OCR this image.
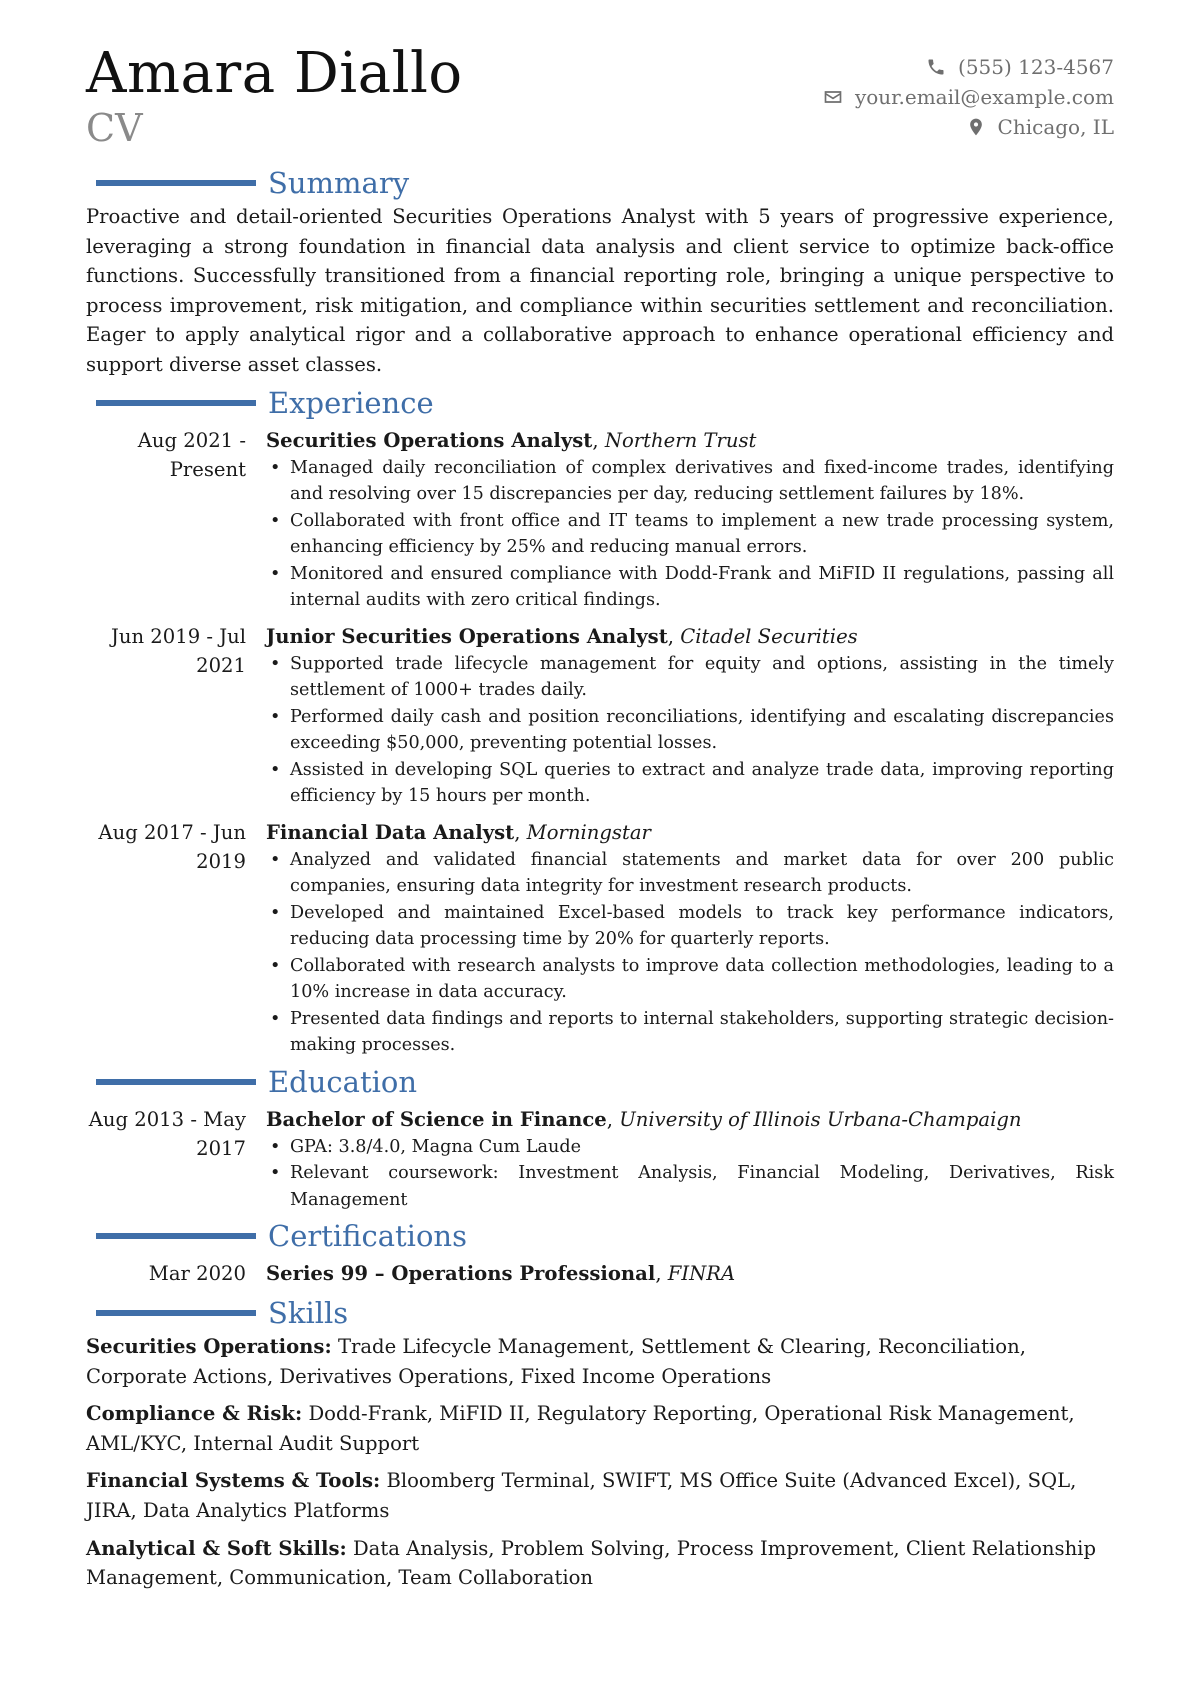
Amara Diallo
CV
(555) 123-4567
your.email@example.com
Chicago, IL
Summary

Proactive and detail-oriented Securities Operations Analyst with 5 years of progressive experience, leveraging a strong foundation in financial data analysis and client service to optimize back-office functions. Successfully transitioned from a financial reporting role, bringing a unique perspective to process improvement, risk mitigation, and compliance within securities settlement and reconciliation. Eager to apply analytical rigor and a collaborative approach to enhance operational efficiency and support diverse asset classes.

Experience
Aug 2021 - Present
Securities Operations Analyst, Northern Trust
• Managed daily reconciliation of complex derivatives and fixed-income trades, identifying and resolving over 15 discrepancies per day, reducing settlement failures by 18%.
• Collaborated with front office and IT teams to implement a new trade processing system, enhancing efficiency by 25% and reducing manual errors.
• Monitored and ensured compliance with Dodd-Frank and MiFID II regulations, passing all internal audits with zero critical findings.
Jun 2019 - Jul 2021
Junior Securities Operations Analyst, Citadel Securities
• Supported trade lifecycle management for equity and options, assisting in the timely settlement of 1000+ trades daily.
• Performed daily cash and position reconciliations, identifying and escalating discrepancies exceeding $50,000, preventing potential losses.
• Assisted in developing SQL queries to extract and analyze trade data, improving reporting efficiency by 15 hours per month.
Aug 2017 - Jun 2019
Financial Data Analyst, Morningstar
• Analyzed and validated financial statements and market data for over 200 public companies, ensuring data integrity for investment research products.
• Developed and maintained Excel-based models to track key performance indicators, reducing data processing time by 20% for quarterly reports.
• Collaborated with research analysts to improve data collection methodologies, leading to a 10% increase in data accuracy.
• Presented data findings and reports to internal stakeholders, supporting strategic decision-making processes.
Education
Aug 2013 - May 2017
Bachelor of Science in Finance, University of Illinois Urbana-Champaign
• GPA: 3.8/4.0, Magna Cum Laude
• Relevant coursework: Investment Analysis, Financial Modeling, Derivatives, Risk Management
Certifications
Mar 2020 Series 99 – Operations Professional, FINRA
Skills
Securities Operations: Trade Lifecycle Management, Settlement & Clearing, Reconciliation, Corporate Actions, Derivatives Operations, Fixed Income Operations
Compliance & Risk: Dodd-Frank, MiFID II, Regulatory Reporting, Operational Risk Management, AML/KYC, Internal Audit Support
Financial Systems & Tools: Bloomberg Terminal, SWIFT, MS Office Suite (Advanced Excel), SQL, JIRA, Data Analytics Platforms
Analytical & Soft Skills: Data Analysis, Problem Solving, Process Improvement, Client Relationship Management, Communication, Team Collaboration
